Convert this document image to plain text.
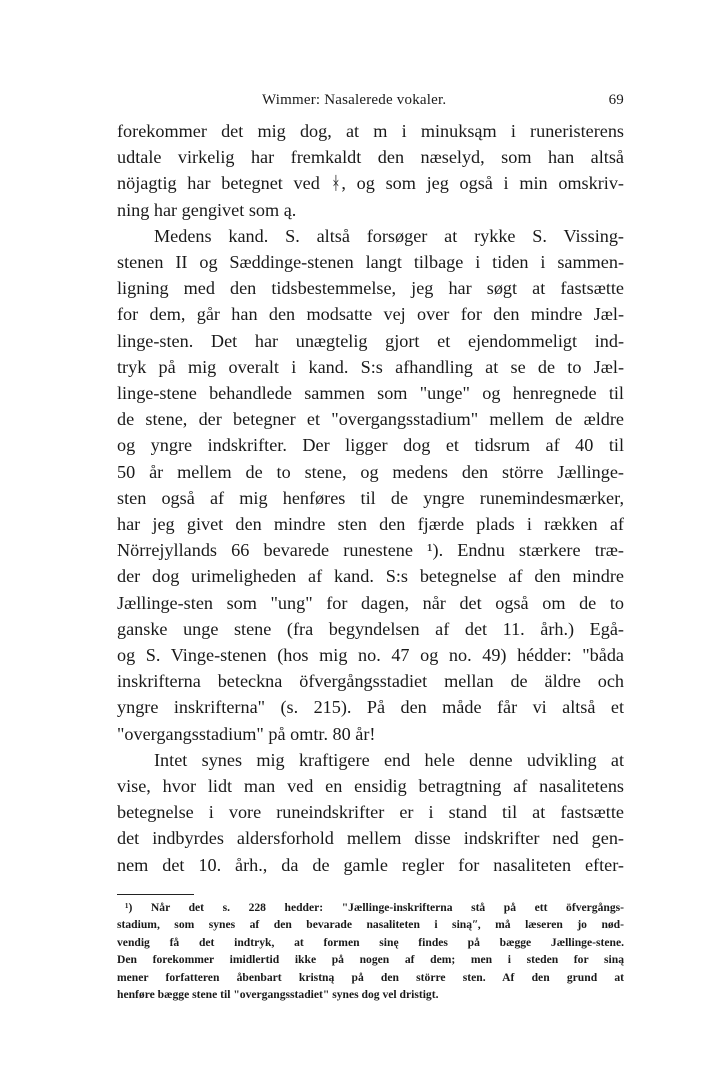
Wimmer: Nasalerede vokaler.	69
forekommer det mig dog, at m i minuksąm i runeristerens
udtale virkelig har fremkaldt den næselyd, som han altså
nöjagtig har betegnet ved ᚼ, og som jeg også i min omskriv-
ning har gengivet som ą.
Medens kand. S. altså forsøger at rykke S. Vissing-
stenen II og Sæddinge-stenen langt tilbage i tiden i sammen-
ligning med den tidsbestemmelse, jeg har søgt at fastsætte
for dem, går han den modsatte vej over for den mindre Jæl-
linge-sten. Det har unægtelig gjort et ejendommeligt ind-
tryk på mig overalt i kand. S:s afhandling at se de to Jæl-
linge-stene behandlede sammen som "unge" og henregnede til
de stene, der betegner et "overgangsstadium" mellem de ældre
og yngre indskrifter. Der ligger dog et tidsrum af 40 til
50 år mellem de to stene, og medens den större Jællinge-
sten også af mig henføres til de yngre runemindesmærker,
har jeg givet den mindre sten den fjærde plads i rækken af
Nörrejyllands 66 bevarede runestene ¹). Endnu stærkere træ-
der dog urimeligheden af kand. S:s betegnelse af den mindre
Jællinge-sten som "ung" for dagen, når det også om de to
ganske unge stene (fra begyndelsen af det 11. årh.) Egå-
og S. Vinge-stenen (hos mig no. 47 og no. 49) hédder: "båda
inskrifterna beteckna öfvergångsstadiet mellan de äldre och
yngre inskrifterna" (s. 215). På den måde får vi altså et
"overgangsstadium" på omtr. 80 år!
Intet synes mig kraftigere end hele denne udvikling at
vise, hvor lidt man ved en ensidig betragtning af nasalitetens
betegnelse i vore runeindskrifter er i stand til at fastsætte
det indbyrdes aldersforhold mellem disse indskrifter ned gen-
nem det 10. årh., da de gamle regler for nasaliteten efter-
¹) Når det s. 228 hedder: "Jællinge-inskrifterna stå på ett öfvergångs-
stadium, som synes af den bevarade nasaliteten i sinąʺ, må læseren jo nød-
vendig få det indtryk, at formen sinę findes på bægge Jællinge-stene.
Den forekommer imidlertid ikke på nogen af dem; men i steden for siną
mener forfatteren åbenbart kristną på den större sten. Af den grund at
henføre bægge stene til "overgangsstadiet" synes dog vel dristigt.
